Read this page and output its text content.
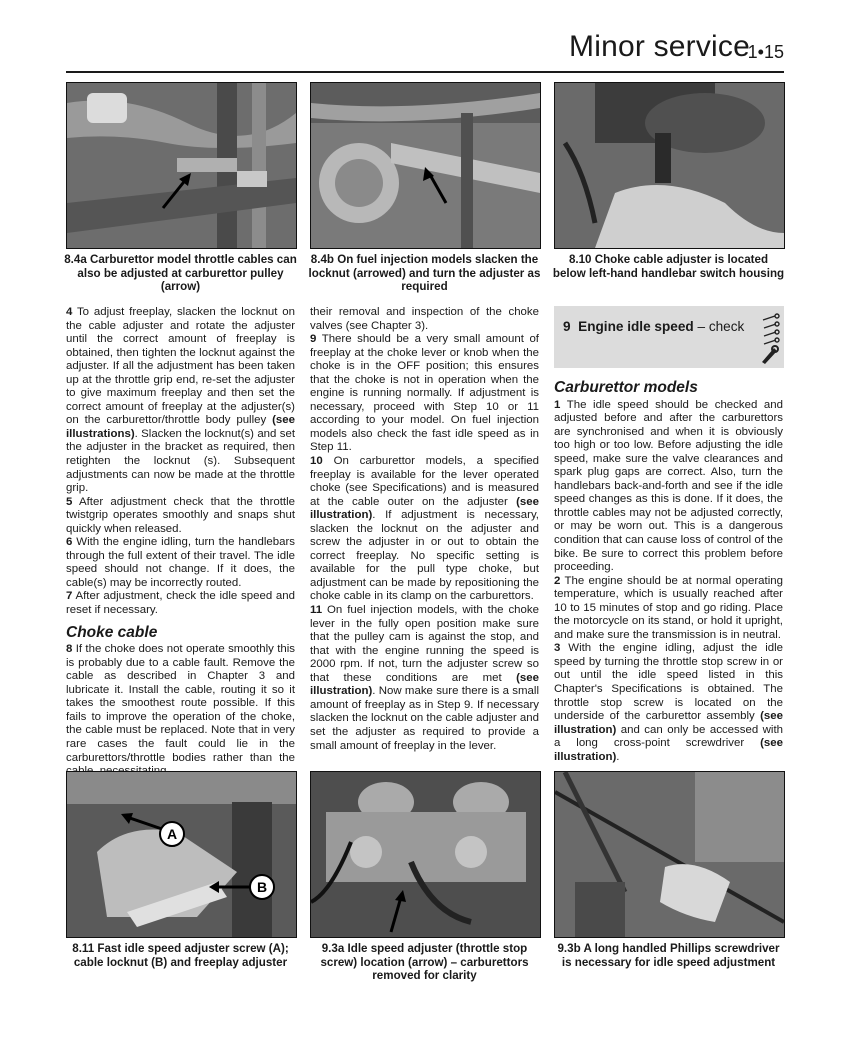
Minor service
1•15
8.4a Carburettor model throttle cables can also be adjusted at carburettor pulley (arrow)
8.4b On fuel injection models slacken the locknut (arrowed) and turn the adjuster as required
8.10 Choke cable adjuster is located below left-hand handlebar switch housing

4 To adjust freeplay, slacken the locknut on the cable adjuster and rotate the adjuster until the correct amount of freeplay is obtained, then tighten the locknut against the adjuster. If all the adjustment has been taken up at the throttle grip end, re-set the adjuster to give maximum freeplay and then set the correct amount of freeplay at the adjuster(s) on the carburettor/throttle body pulley (see illustrations). Slacken the locknut(s) and set the adjuster in the bracket as required, then retighten the locknut (s). Subsequent adjustments can now be made at the throttle grip.

5 After adjustment check that the throttle twistgrip operates smoothly and snaps shut quickly when released.

6 With the engine idling, turn the handlebars through the full extent of their travel. The idle speed should not change. If it does, the cable(s) may be incorrectly routed.

7 After adjustment, check the idle speed and reset if necessary.

Choke cable

8 If the choke does not operate smoothly this is probably due to a cable fault. Remove the cable as described in Chapter 3 and lubricate it. Install the cable, routing it so it takes the smoothest route possible. If this fails to improve the operation of the choke, the cable must be replaced. Note that in very rare cases the fault could lie in the carburettors/throttle bodies rather than the

their removal and inspection of the choke valves (see Chapter 3).

9 There should be a very small amount of freeplay at the choke lever or knob when the choke is in the OFF position; this ensures that the choke is not in operation when the engine is running normally. If adjustment is necessary, proceed with Step 10 or 11 according to your model. On fuel injection models also check the fast idle speed as in Step 11.

10 On carburettor models, a specified freeplay is available for the lever operated choke (see Specifications) and is measured at the cable outer on the adjuster (see illustration). If adjustment is necessary, slacken the locknut on the adjuster and screw the adjuster in or out to obtain the correct freeplay. No specific setting is available for the pull type choke, but adjustment can be made by repositioning the choke cable in its clamp on the carburettors.

11 On fuel injection models, with the choke lever in the fully open position make sure that the pulley cam is against the stop, and that with the engine running the speed is 2000 rpm. If not, turn the adjuster screw so that these conditions are met (see illustration). Now make sure there is a small amount of freeplay as in Step 9. If necessary slacken the locknut on the cable adjuster and set the adjuster as required to provide a small amount of freeplay in the lever.

9 Engine idle speed – check
Carburettor models

1 The idle speed should be checked and adjusted before and after the carburettors are synchronised and when it is obviously too high or too low. Before adjusting the idle speed, make sure the valve clearances and spark plug gaps are correct. Also, turn the handlebars back-and-forth and see if the idle speed changes as this is done. If it does, the throttle cables may not be adjusted correctly, or may be worn out. This is a dangerous condition that can cause loss of control of the bike. Be sure to correct this problem before proceeding.

2 The engine should be at normal operating temperature, which is usually reached after 10 to 15 minutes of stop and go riding. Place the motorcycle on its stand, or hold it upright, and make sure the transmission is in neutral.

3 With the engine idling, adjust the idle speed by turning the throttle stop screw in or out until the idle speed listed in this Chapter's Specifications is obtained. The throttle stop screw is located on the underside of the carburettor assembly (see illustration) and can only be accessed with a long cross-point screwdriver (see illustration).

A
B
8.11 Fast idle speed adjuster screw (A); cable locknut (B) and freeplay adjuster
9.3a Idle speed adjuster (throttle stop screw) location (arrow) – carburettors removed for clarity
9.3b A long handled Phillips screwdriver is necessary for idle speed adjustment
